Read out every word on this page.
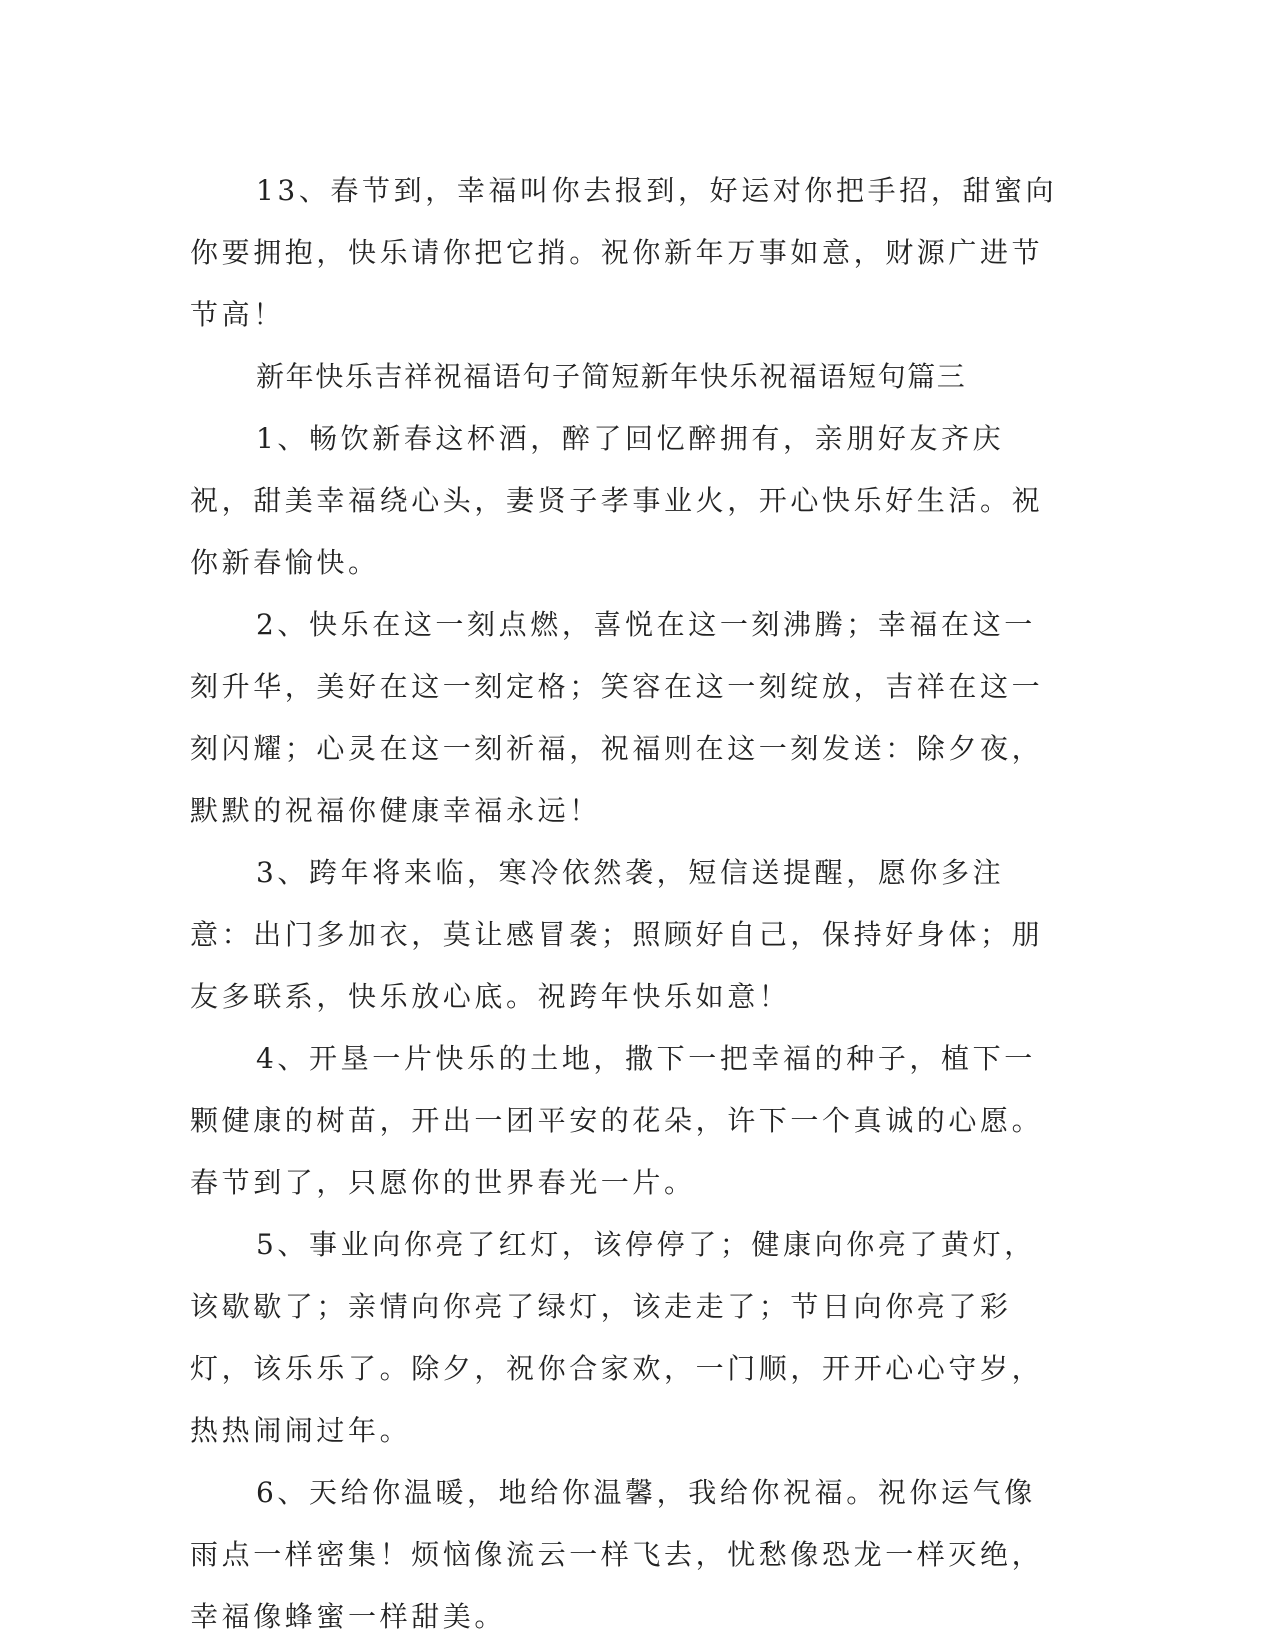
13、春节到，幸福叫你去报到，好运对你把手招，甜蜜向你要拥抱，快乐请你把它捎。祝你新年万事如意，财源广进节节高！

新年快乐吉祥祝福语句子简短新年快乐祝福语短句篇三

1、畅饮新春这杯酒，醉了回忆醉拥有，亲朋好友齐庆祝，甜美幸福绕心头，妻贤子孝事业火，开心快乐好生活。祝你新春愉快。

2、快乐在这一刻点燃，喜悦在这一刻沸腾；幸福在这一刻升华，美好在这一刻定格；笑容在这一刻绽放，吉祥在这一刻闪耀；心灵在这一刻祈福，祝福则在这一刻发送：除夕夜，默默的祝福你健康幸福永远！

3、跨年将来临，寒冷依然袭，短信送提醒，愿你多注意：出门多加衣，莫让感冒袭；照顾好自己，保持好身体；朋友多联系，快乐放心底。祝跨年快乐如意！

4、开垦一片快乐的土地，撒下一把幸福的种子，植下一颗健康的树苗，开出一团平安的花朵，许下一个真诚的心愿。春节到了，只愿你的世界春光一片。

5、事业向你亮了红灯，该停停了；健康向你亮了黄灯，该歇歇了；亲情向你亮了绿灯，该走走了；节日向你亮了彩灯，该乐乐了。除夕，祝你合家欢，一门顺，开开心心守岁，热热闹闹过年。

6、天给你温暖，地给你温馨，我给你祝福。祝你运气像雨点一样密集！烦恼像流云一样飞去，忧愁像恐龙一样灭绝，幸福像蜂蜜一样甜美。
